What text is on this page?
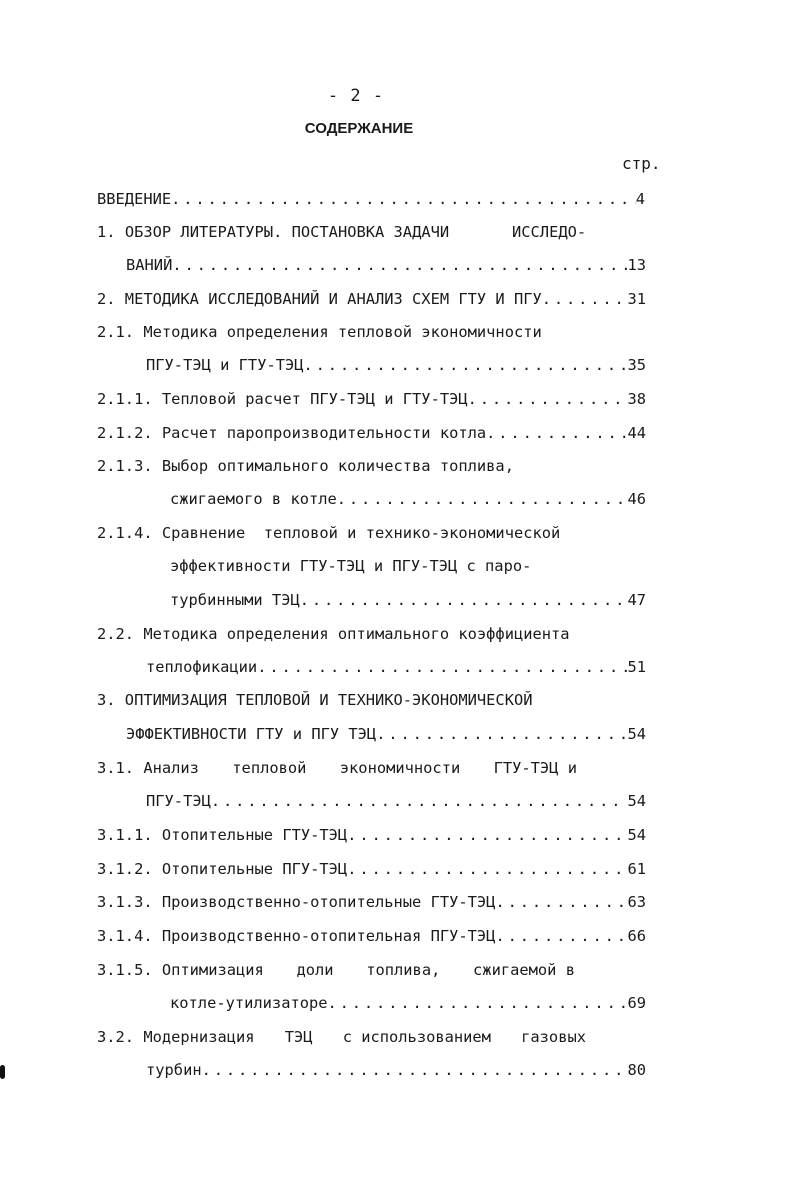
- 2 -
СОДЕРЖАНИЕ
стр.
ВВЕДЕНИЕ . . .	4
1. ОБЗОР ЛИТЕРАТУРЫ. ПОСТАНОВКА ЗАДАЧИ	ИССЛЕДО-
ВАНИЙ . . .	13
2. МЕТОДИКА ИССЛЕДОВАНИЙ И АНАЛИЗ СХЕМ ГТУ И ПГУ . . .	31
2.1. Методика определения тепловой экономичности
ПГУ-ТЭЦ и ГТУ-ТЭЦ . . .	35
2.1.1. Тепловой расчет ПГУ-ТЭЦ и ГТУ-ТЭЦ . . .	38
2.1.2. Расчет паропроизводительности котла . . .	44
2.1.3. Выбор оптимального количества топлива,
сжигаемого в котле . . .	46
2.1.4. Сравнение  тепловой и технико-экономической
эффективности ГТУ-ТЭЦ и ПГУ-ТЭЦ с паро-
турбинными ТЭЦ . . .	47
2.2. Методика определения оптимального коэффициента
теплофикации . . .	51
3. ОПТИМИЗАЦИЯ ТЕПЛОВОЙ И ТЕХНИКО-ЭКОНОМИЧЕСКОЙ
ЭФФЕКТИВНОСТИ ГТУ и ПГУ ТЭЦ . . .	54
3.1. Анализ тепловой экономичности ГТУ-ТЭЦ и
ПГУ-ТЭЦ . . .	54
3.1.1. Отопительные ГТУ-ТЭЦ . . .	54
3.1.2. Отопительные ПГУ-ТЭЦ . . .	61
3.1.3. Производственно-отопительные ГТУ-ТЭЦ . . .	63
3.1.4. Производственно-отопительная ПГУ-ТЭЦ . . .	66
3.1.5. Оптимизация доли топлива, сжигаемой в
котле-утилизаторе . . .	69
3.2. Модернизация ТЭЦ с использованием газовых
турбин . . .	80
